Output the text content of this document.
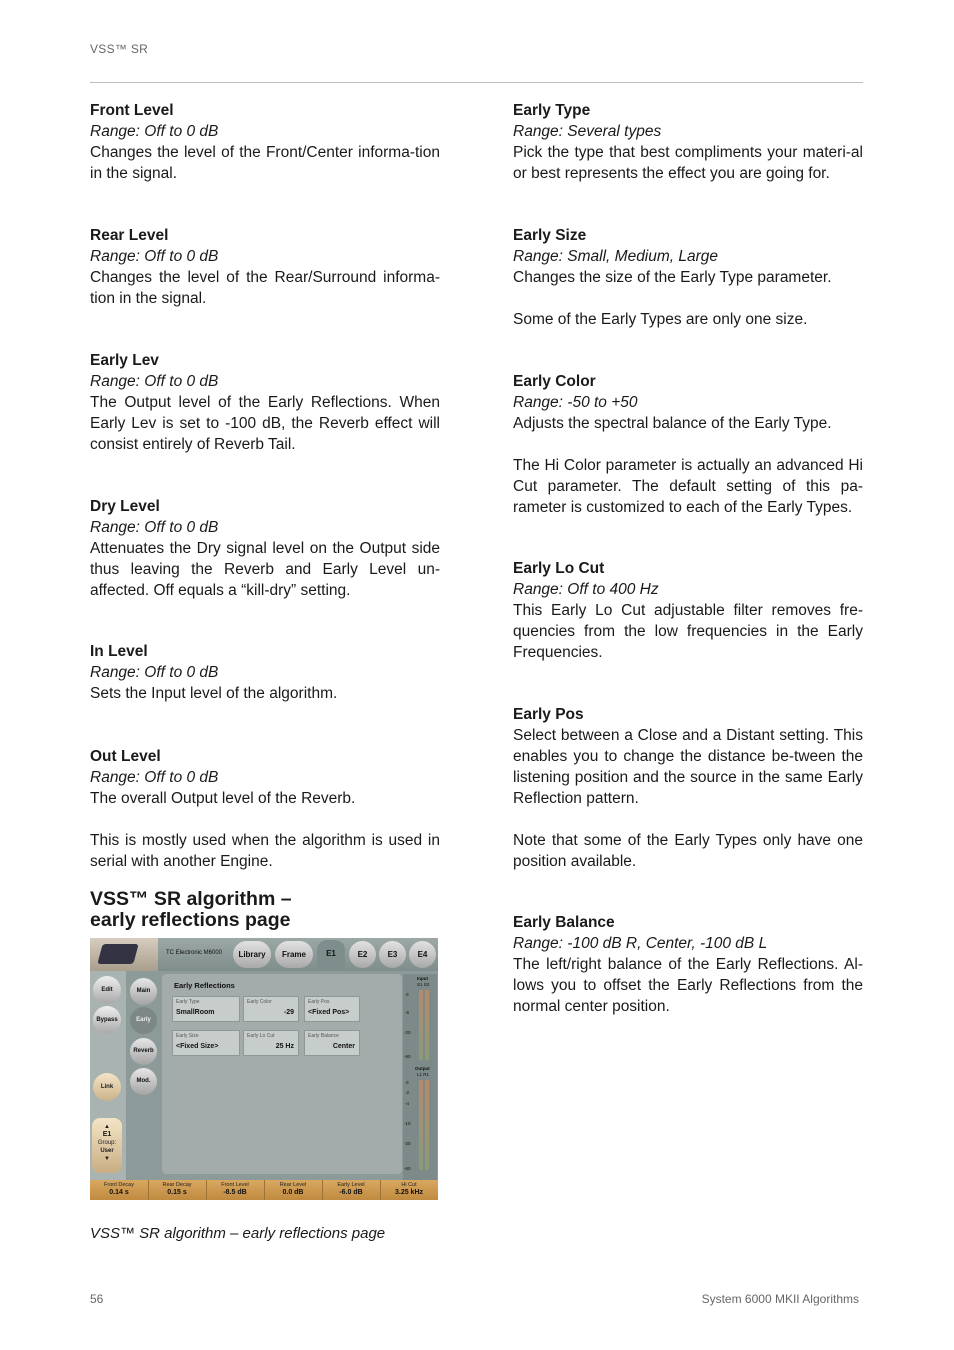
VSS™ SR
Front Level
Range: Off to 0 dB

Changes the level of the Front/Center informa-tion in the signal.

Rear Level
Range: Off to 0 dB

Changes the level of the Rear/Surround informa-tion in the signal.

Early Lev
Range: Off to 0 dB

The Output level of the Early Reflections. When Early Lev is set to -100 dB, the Reverb effect will consist entirely of Reverb Tail.

Dry Level
Range: Off to 0 dB

Attenuates the Dry signal level on the Output side thus leaving the Reverb and Early Level un-affected. Off equals a “kill-dry” setting.

In Level
Range: Off to 0 dB

Sets the Input level of the algorithm.

Out Level
Range: Off to 0 dB

The overall Output level of the Reverb.

This is mostly used when the algorithm is used in serial with another Engine.

Early Type
Range: Several types

Pick the type that best compliments your materi-al or best represents the effect you are going for.

Early Size
Range: Small, Medium, Large

Changes the size of the Early Type parameter.

Some of the Early Types are only one size.

Early Color
Range: -50 to +50

Adjusts the spectral balance of the Early Type.

The Hi Color parameter is actually an advanced Hi Cut parameter. The default setting of this pa-rameter is customized to each of the Early Types.

Early Lo Cut
Range: Off to 400 Hz

This Early Lo Cut adjustable filter removes fre-quencies from the low frequencies in the Early Frequencies.

Early Pos

Select between a Close and a Distant setting. This enables you to change the distance be-tween the listening position and the source in the same Early Reflection pattern.

Note that some of the Early Types only have one position available.

Early Balance
Range: -100 dB R, Center, -100 dB L

The left/right balance of the Early Reflections. Al-lows you to offset the Early Reflections from the normal center position.

VSS™ SR algorithm –
early reflections page
TC Electronic M6000	Library	Frame	E1	E2	E3	E4
Edit
Bypass
Link
▲
E1
Group:
User
▼
Main
Early
Reverb
Mod.
Early Reflections
Early Type
SmallRoom
Early Color
-29
Early Pos
<Fixed Pos>
Early Size
<Fixed Size>
Early Lo Cut
25 Hz
Early Balance
Center
Input
S1 S2
0
-6
-20
-60
Output
L1 R1
0
-2
-4
-10
-20
-60
Front Decay
0.14 s
Rear Decay
0.15 s
Front Level
-8.5 dB
Rear Level
0.0 dB
Early Level
-6.0 dB
Hi Cut
3.25 kHz
VSS™ SR algorithm – early reflections page
56	System 6000 MKII Algorithms
